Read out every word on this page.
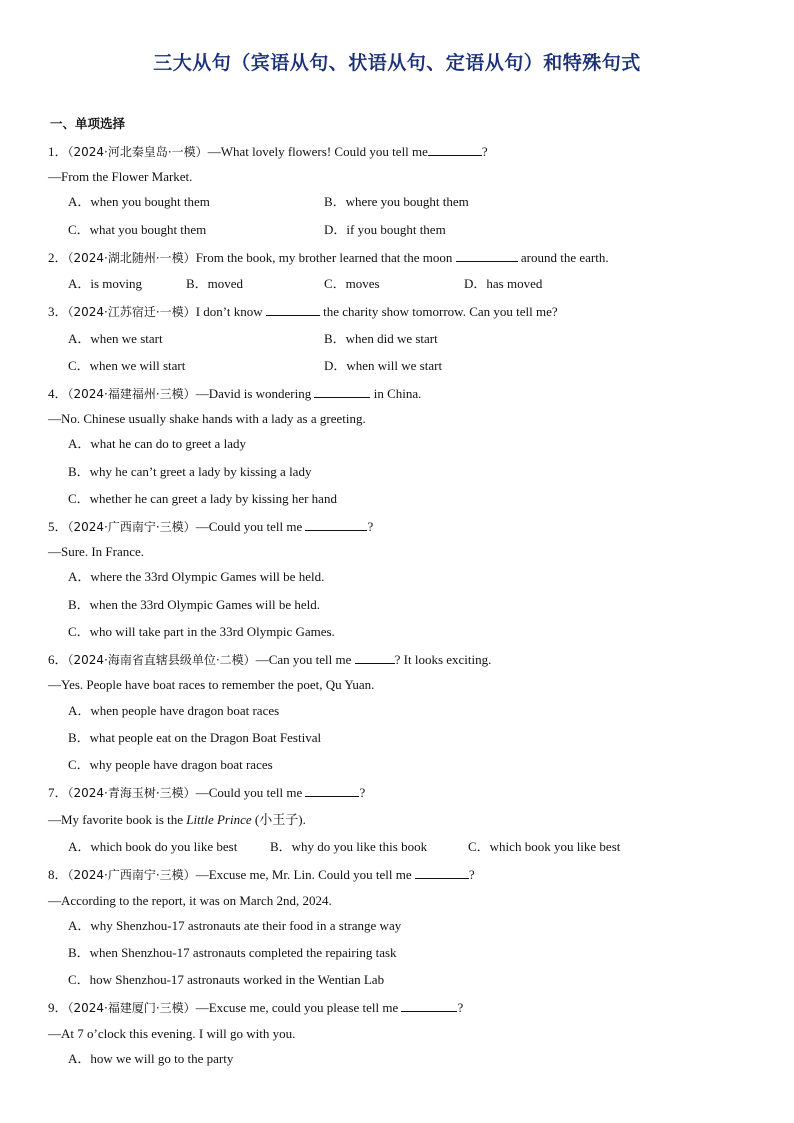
三大从句（宾语从句、状语从句、定语从句）和特殊句式
一、单项选择
1．（2024·河北秦皇岛·一模）—What lovely flowers! Could you tell me	?
—From the Flower Market.
A．when you bought them	B．where you bought them
C．what you bought them	D．if you bought them
2．（2024·湖北随州·一模）From the book, my brother learned that the moon	around the earth.
A．is moving	B．moved	C．moves	D．has moved
3．（2024·江苏宿迁·一模）I don’t know	the charity show tomorrow. Can you tell me?
A．when we start	B．when did we start
C．when we will start	D．when will we start
4．（2024·福建福州·三模）—David is wondering	in China.
—No. Chinese usually shake hands with a lady as a greeting.
A．what he can do to greet a lady
B．why he can’t greet a lady by kissing a lady
C．whether he can greet a lady by kissing her hand
5．（2024·广西南宁·三模）—Could you tell me	?
—Sure. In France.
A．where the 33rd Olympic Games will be held.
B．when the 33rd Olympic Games will be held.
C．who will take part in the 33rd Olympic Games.
6．（2024·海南省直辖县级单位·二模）—Can you tell me	? It looks exciting.
—Yes. People have boat races to remember the poet, Qu Yuan.
A．when people have dragon boat races
B．what people eat on the Dragon Boat Festival
C．why people have dragon boat races
7．（2024·青海玉树·三模）—Could you tell me	?
—My favorite book is the Little Prince (小王子).
A．which book do you like best	B．why do you like this book	C．which book you like best
8．（2024·广西南宁·三模）—Excuse me, Mr. Lin. Could you tell me	?
—According to the report, it was on March 2nd, 2024.
A．why Shenzhou-17 astronauts ate their food in a strange way
B．when Shenzhou-17 astronauts completed the repairing task
C．how Shenzhou-17 astronauts worked in the Wentian Lab
9．（2024·福建厦门·三模）—Excuse me, could you please tell me	?
—At 7 o’clock this evening. I will go with you.
A．how we will go to the party
